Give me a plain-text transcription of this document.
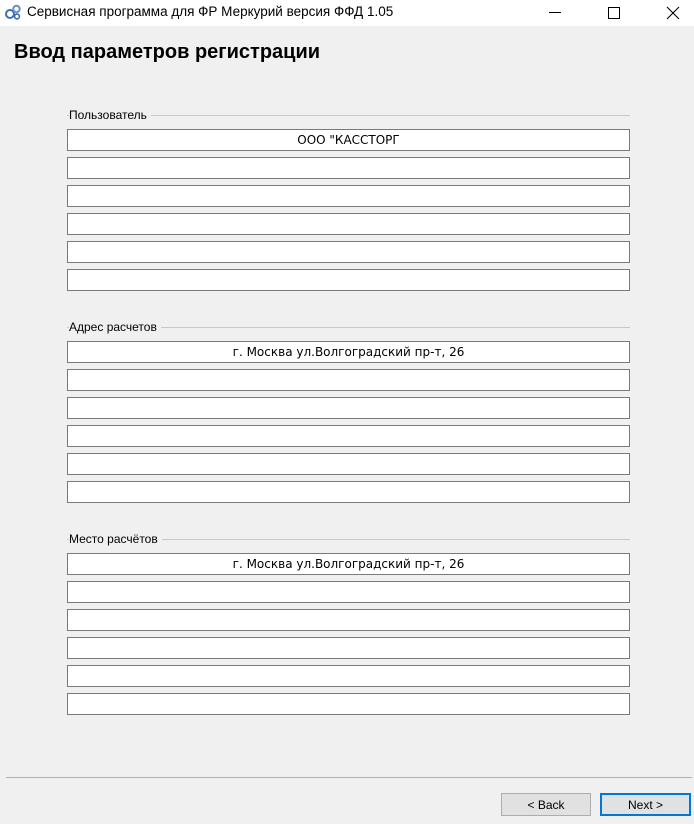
Сервисная программа для ФР Меркурий версия ФФД 1.05
Ввод параметров регистрации
Пользователь
ООО "КАССТОРГ
Адрес расчетов
г. Москва ул.Волгоградский пр-т, 26
Место расчётов
г. Москва ул.Волгоградский пр-т, 26
< Back	Next >
